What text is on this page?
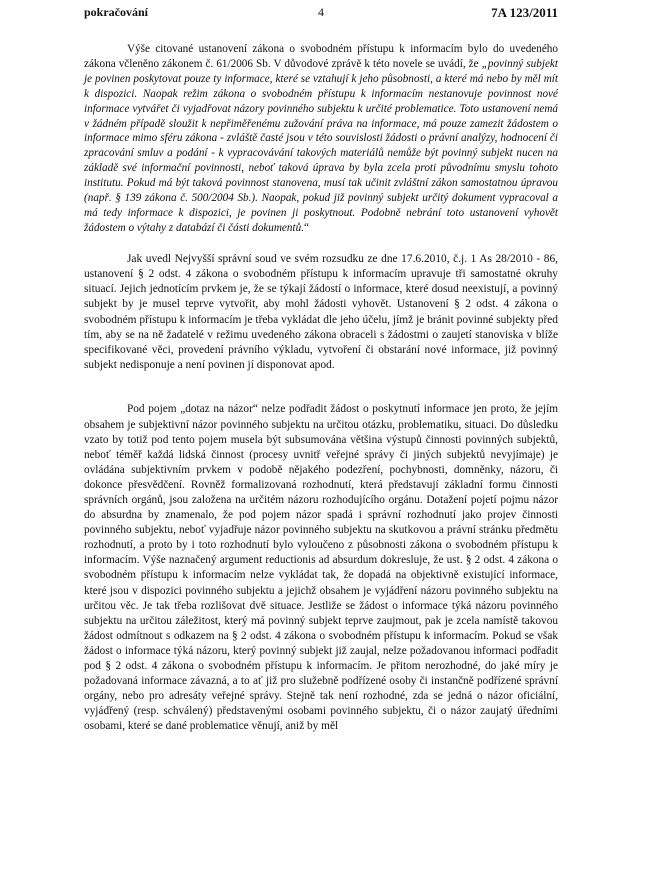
pokračování	4	7A 123/2011

Výše citované ustanovení zákona o svobodném přístupu k informacím bylo do uvedeného zákona včleněno zákonem č. 61/2006 Sb. V důvodové zprávě k této novele se uvádí, že „povinný subjekt je povinen poskytovat pouze ty informace, které se vztahují k jeho působnosti, a které má nebo by měl mít k dispozici. Naopak režim zákona o svobodném přístupu k informacím nestanovuje povinnost nové informace vytvářet či vyjadřovat názory povinného subjektu k určité problematice. Toto ustanovení nemá v žádném případě sloužit k nepřiměřenému zužování práva na informace, má pouze zamezit žádostem o informace mimo sféru zákona - zvláště časté jsou v této souvislosti žádosti o právní analýzy, hodnocení či zpracování smluv a podání - k vypracovávání takových materiálů nemůže být povinný subjekt nucen na základě své informační povinnosti, neboť taková úprava by byla zcela proti původnímu smyslu tohoto institutu. Pokud má být taková povinnost stanovena, musí tak učinit zvláštní zákon samostatnou úpravou (např. § 139 zákona č. 500/2004 Sb.). Naopak, pokud již povinný subjekt určitý dokument vypracoval a má tedy informace k dispozici, je povinen ji poskytnout. Podobně nebrání toto ustanovení vyhovět žádostem o výtahy z databází či části dokumentů.“

Jak uvedl Nejvyšší správní soud ve svém rozsudku ze dne 17.6.2010, č.j. 1 As 28/2010 - 86, ustanovení § 2 odst. 4 zákona o svobodném přístupu k informacím upravuje tři samostatné okruhy situací. Jejich jednotícím prvkem je, že se týkají žádostí o informace, které dosud neexistují, a povinný subjekt by je musel teprve vytvořit, aby mohl žádosti vyhovět. Ustanovení § 2 odst. 4 zákona o svobodném přístupu k informacím je třeba vykládat dle jeho účelu, jímž je bránit povinné subjekty před tím, aby se na ně žadatelé v režimu uvedeného zákona obraceli s žádostmi o zaujetí stanoviska v blíže specifikované věci, provedení právního výkladu, vytvoření či obstarání nové informace, již povinný subjekt nedisponuje a není povinen jí disponovat apod.

Pod pojem „dotaz na názor“ nelze podřadit žádost o poskytnutí informace jen proto, že jejím obsahem je subjektivní názor povinného subjektu na určitou otázku, problematiku, situaci. Do důsledku vzato by totiž pod tento pojem musela být subsumována většina výstupů činnosti povinných subjektů, neboť téměř každá lidská činnost (procesy uvnitř veřejné správy či jiných subjektů nevyjímaje) je ovládána subjektivním prvkem v podobě nějakého podezření, pochybnosti, domněnky, názoru, či dokonce přesvědčení. Rovněž formalizovaná rozhodnutí, která představují základní formu činnosti správních orgánů, jsou založena na určitém názoru rozhodujícího orgánu. Dotažení pojetí pojmu názor do absurdna by znamenalo, že pod pojem názor spadá i správní rozhodnutí jako projev činnosti povinného subjektu, neboť vyjadřuje názor povinného subjektu na skutkovou a právní stránku předmětu rozhodnutí, a proto by i toto rozhodnutí bylo vyloučeno z působnosti zákona o svobodném přístupu k informacím. Výše naznačený argument reductionis ad absurdum dokresluje, že ust. § 2 odst. 4 zákona o svobodném přístupu k informacím nelze vykládat tak, že dopadá na objektivně existující informace, které jsou v dispozici povinného subjektu a jejichž obsahem je vyjádření názoru povinného subjektu na určitou věc. Je tak třeba rozlišovat dvě situace. Jestliže se žádost o informace týká názoru povinného subjektu na určitou záležitost, který má povinný subjekt teprve zaujmout, pak je zcela namístě takovou žádost odmítnout s odkazem na § 2 odst. 4 zákona o svobodném přístupu k informacím. Pokud se však žádost o informace týká názoru, který povinný subjekt již zaujal, nelze požadovanou informaci podřadit pod § 2 odst. 4 zákona o svobodném přístupu k informacím. Je přitom nerozhodné, do jaké míry je požadovaná informace závazná, a to ať již pro služebně podřízené osoby či instančně podřízené správní orgány, nebo pro adresáty veřejné správy. Stejně tak není rozhodné, zda se jedná o názor oficiální, vyjádřený (resp. schválený) představenými osobami povinného subjektu, či o názor zaujatý úředními osobami, které se dané problematice věnují, aniž by měl
